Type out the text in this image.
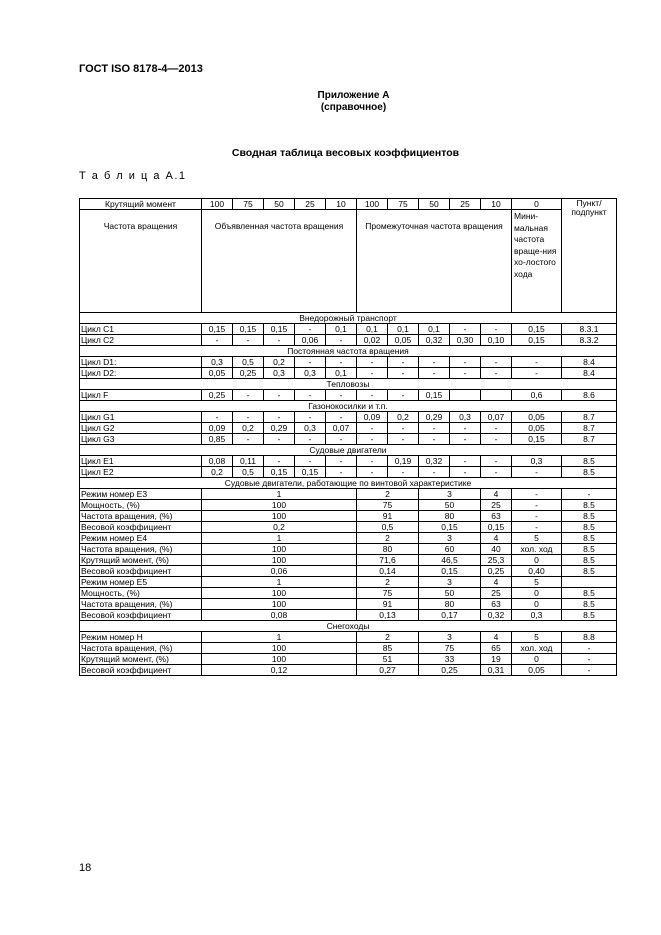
ГОСТ ISO 8178-4—2013
Приложение А
(справочное)
Сводная таблица весовых коэффициентов
Т а б л и ц а А.1
Крутящий момент	100	75	50	25	10	100	75	50	25	10	0	Пункт/ подпункт
Частота вращения	Объявленная частота вращения					Промежуточная частота вращения					Мини-мальная частота враще-ния хо-лостого хода	
Внедорожный транспорт												
Цикл С1	0,15	0,15	0,15	-	0,1	0,1	0,1	0,1	-	-	0,15	8.3.1
Цикл С2	-	-	-	0,06	-	0,02	0,05	0,32	0,30	0,10	0,15	8.3.2
Постоянная частота вращения												
Цикл D1:	0,3	0,5	0,2	-	-	-	-	-	-	-	-	8.4
Цикл D2:	0,05	0,25	0,3	0,3	0,1	-	-	-	-	-	-	8.4
Тепловозы												
Цикл F	0,25	-	-	-	-	-	-	0,15			0,6	8.6
Газонокосилки и т.п.												
Цикл G1	-	-	-	-	-	0,09	0,2	0,29	0,3	0,07	0,05	8.7
Цикл G2	0,09	0,2	0,29	0,3	0,07	-	-	-	-	-	0,05	8.7
Цикл G3	0,85	-	-	-	-	-	-	-	-	-	0,15	8.7
Судовые двигатели												
Цикл Е1	0,08	0,11	-	-	-	-	0,19	0,32	-	-	0,3	8.5
Цикл Е2	0,2	0,5	0,15	0,15	-	-	-	-	-	-	-	8.5
Судовые двигатели, работающие по винтовой характеристике												
Режим номер Е3	1					2		3		4	-	-
Мощность, (%)	100					75		50		25	-	8.5
Частота вращения, (%)	100					91		80		63	-	8.5
Весовой коэффициент	0,2					0,5		0,15		0,15	-	8.5
Режим номер Е4	1					2		3		4	5	8.5
Частота вращения, (%)	100					80		60		40	хол. ход	8.5
Крутящий момент, (%)	100					71,6		46,5		25,3	0	8.5
Весовой коэффициент	0,06					0,14		0,15		0,25	0,40	8.5
Режим номер Е5	1					2		3		4	5	
Мощность, (%)	100					75		50		25	0	8.5
Частота вращения, (%)	100					91		80		63	0	8.5
Весовой коэффициент	0,08					0,13		0,17		0,32	0,3	8.5
Снегоходы												
Режим номер Н	1					2		3		4	5	8.8
Частота вращения, (%)	100					85		75		65	хол. ход	-
Крутящий момент, (%)	100					51		33		19	0	-
Весовой коэффициент	0,12					0,27		0,25		0,31	0,05	-
18
